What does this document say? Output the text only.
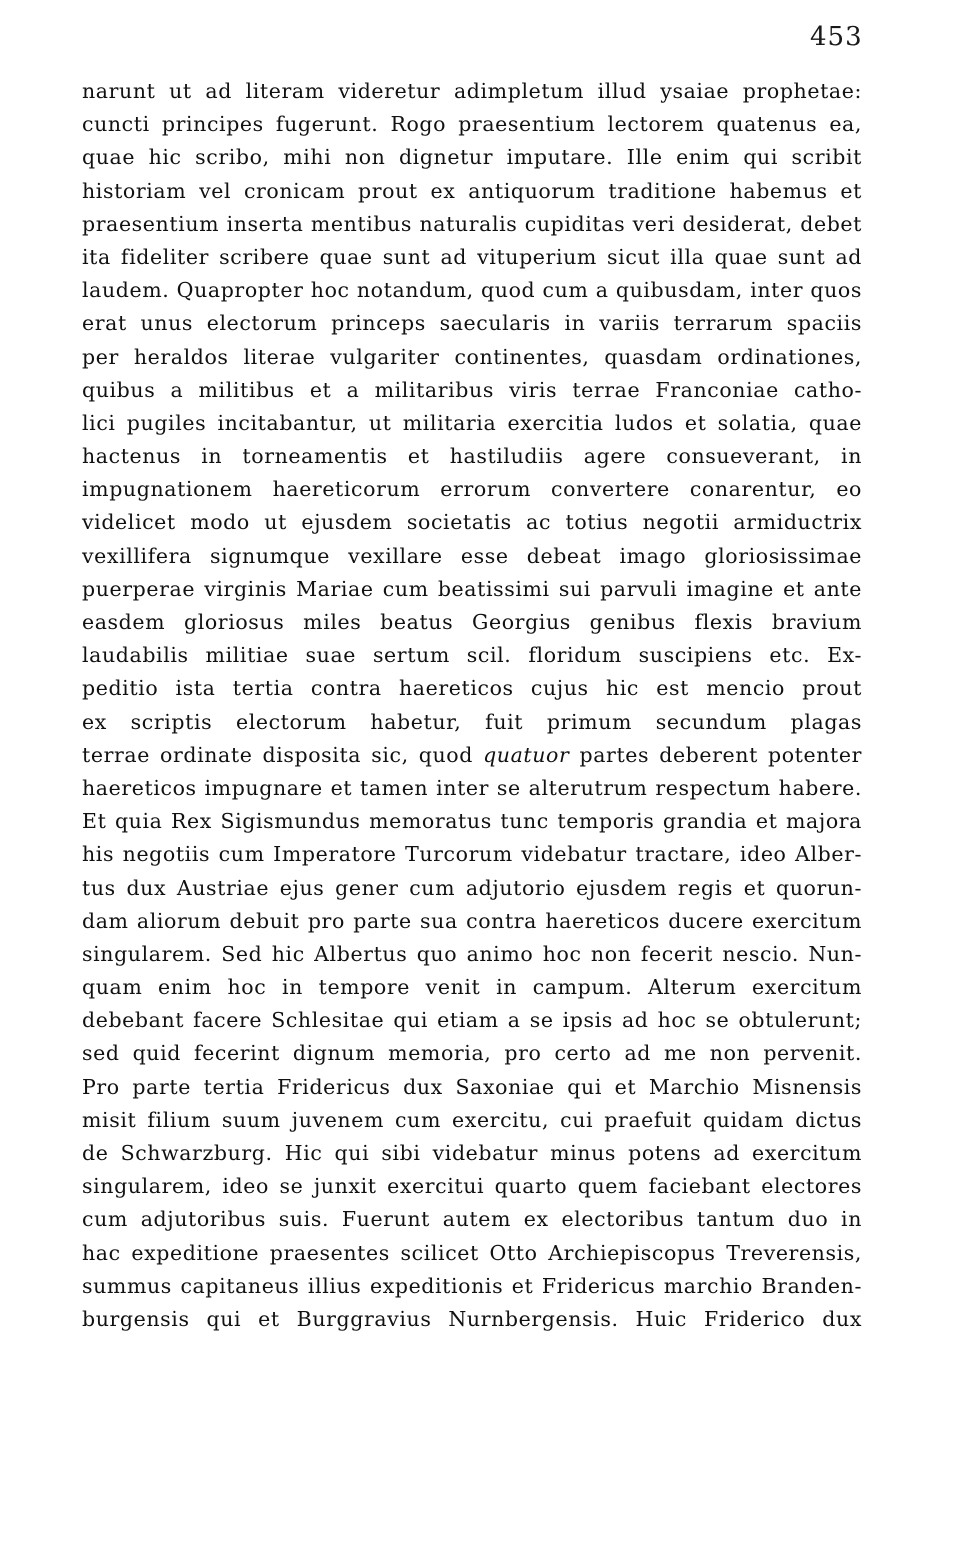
453
narunt ut ad literam videretur adimpletum illud ysaiae prophetae:
cuncti principes fugerunt. Rogo praesentium lectorem quatenus ea,
quae hic scribo, mihi non dignetur imputare. Ille enim qui scribit
historiam vel cronicam prout ex antiquorum traditione habemus et
praesentium inserta mentibus naturalis cupiditas veri desiderat, debet
ita fideliter scribere quae sunt ad vituperium sicut illa quae sunt ad
laudem. Quapropter hoc notandum, quod cum a quibusdam, inter quos
erat unus electorum princeps saecularis in variis terrarum spaciis
per heraldos literae vulgariter continentes, quasdam ordinationes,
quibus a militibus et a militaribus viris terrae Franconiae catho-
lici pugiles incitabantur, ut militaria exercitia ludos et solatia, quae
hactenus in torneamentis et hastiludiis agere consueverant, in
impugnationem haereticorum errorum convertere conarentur, eo
videlicet modo ut ejusdem societatis ac totius negotii armiductrix
vexillifera signumque vexillare esse debeat imago gloriosissimae
puerperae virginis Mariae cum beatissimi sui parvuli imagine et ante
easdem gloriosus miles beatus Georgius genibus flexis bravium
laudabilis militiae suae sertum scil. floridum suscipiens etc. Ex-
peditio ista tertia contra haereticos cujus hic est mencio prout
ex scriptis electorum habetur, fuit primum secundum plagas
terrae ordinate disposita sic, quod quatuor partes deberent potenter
haereticos impugnare et tamen inter se alterutrum respectum habere.
Et quia Rex Sigismundus memoratus tunc temporis grandia et majora
his negotiis cum Imperatore Turcorum videbatur tractare, ideo Alber-
tus dux Austriae ejus gener cum adjutorio ejusdem regis et quorun-
dam aliorum debuit pro parte sua contra haereticos ducere exercitum
singularem. Sed hic Albertus quo animo hoc non fecerit nescio. Nun-
quam enim hoc in tempore venit in campum. Alterum exercitum
debebant facere Schlesitae qui etiam a se ipsis ad hoc se obtulerunt;
sed quid fecerint dignum memoria, pro certo ad me non pervenit.
Pro parte tertia Fridericus dux Saxoniae qui et Marchio Misnensis
misit filium suum juvenem cum exercitu, cui praefuit quidam dictus
de Schwarzburg. Hic qui sibi videbatur minus potens ad exercitum
singularem, ideo se junxit exercitui quarto quem faciebant electores
cum adjutoribus suis. Fuerunt autem ex electoribus tantum duo in
hac expeditione praesentes scilicet Otto Archiepiscopus Treverensis,
summus capitaneus illius expeditionis et Fridericus marchio Branden-
burgensis qui et Burggravius Nurnbergensis. Huic Friderico dux
